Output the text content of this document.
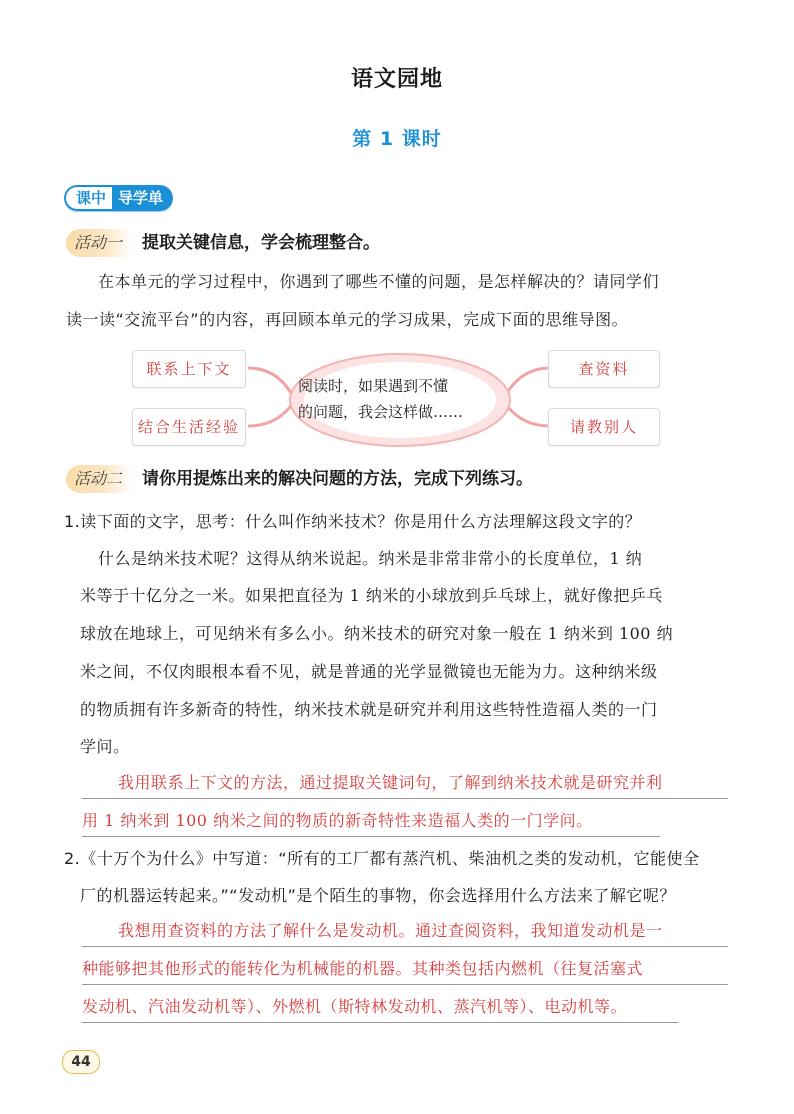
语文园地
第 1 课时
课中 导学单
活动一	提取关键信息，学会梳理整合。
在本单元的学习过程中，你遇到了哪些不懂的问题，是怎样解决的？请同学们
读一读“交流平台”的内容，再回顾本单元的学习成果，完成下面的思维导图。
阅读时，如果遇到不懂
的问题，我会这样做……
联系上下文
结合生活经验
查资料
请教别人
活动二	请你用提炼出来的解决问题的方法，完成下列练习。
1.读下面的文字，思考：什么叫作纳米技术？你是用什么方法理解这段文字的？
什么是纳米技术呢？这得从纳米说起。纳米是非常非常小的长度单位，1 纳
米等于十亿分之一米。如果把直径为 1 纳米的小球放到乒乓球上，就好像把乒乓
球放在地球上，可见纳米有多么小。纳米技术的研究对象一般在 1 纳米到 100 纳
米之间，不仅肉眼根本看不见，就是普通的光学显微镜也无能为力。这种纳米级
的物质拥有许多新奇的特性，纳米技术就是研究并利用这些特性造福人类的一门
学问。
我用联系上下文的方法，通过提取关键词句，了解到纳米技术就是研究并利
用 1 纳米到 100 纳米之间的物质的新奇特性来造福人类的一门学问。
2.《十万个为什么》中写道：“所有的工厂都有蒸汽机、柴油机之类的发动机，它能使全
厂的机器运转起来。”“发动机”是个陌生的事物，你会选择用什么方法来了解它呢？
我想用查资料的方法了解什么是发动机。通过查阅资料，我知道发动机是一
种能够把其他形式的能转化为机械能的机器。其种类包括内燃机（往复活塞式
发动机、汽油发动机等）、外燃机（斯特林发动机、蒸汽机等）、电动机等。
44
